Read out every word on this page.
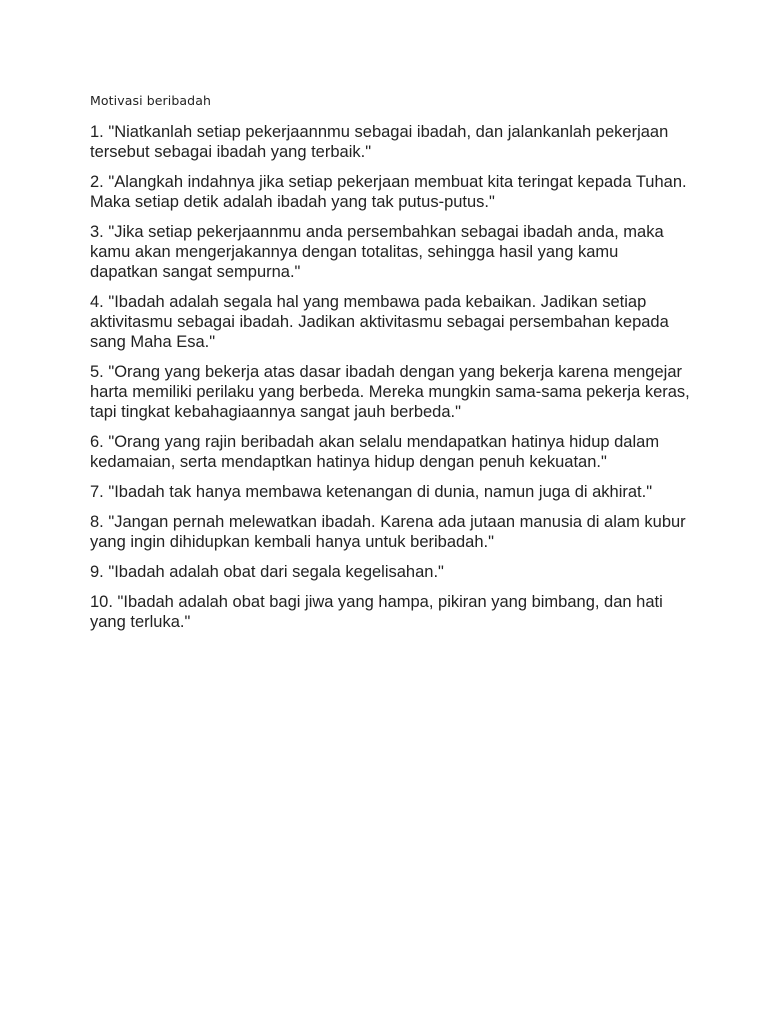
Motivasi beribadah
1. "Niatkanlah setiap pekerjaannmu sebagai ibadah, dan jalankanlah pekerjaan tersebut sebagai ibadah yang terbaik."
2. "Alangkah indahnya jika setiap pekerjaan membuat kita teringat kepada Tuhan. Maka setiap detik adalah ibadah yang tak putus-putus."
3. "Jika setiap pekerjaannmu anda persembahkan sebagai ibadah anda, maka kamu akan mengerjakannya dengan totalitas, sehingga hasil yang kamu dapatkan sangat sempurna."
4. "Ibadah adalah segala hal yang membawa pada kebaikan. Jadikan setiap aktivitasmu sebagai ibadah. Jadikan aktivitasmu sebagai persembahan kepada sang Maha Esa."
5. "Orang yang bekerja atas dasar ibadah dengan yang bekerja karena mengejar harta memiliki perilaku yang berbeda. Mereka mungkin sama-sama pekerja keras, tapi tingkat kebahagiaannya sangat jauh berbeda."
6. "Orang yang rajin beribadah akan selalu mendapatkan hatinya hidup dalam kedamaian, serta mendaptkan hatinya hidup dengan penuh kekuatan."
7. "Ibadah tak hanya membawa ketenangan di dunia, namun juga di akhirat."
8. "Jangan pernah melewatkan ibadah. Karena ada jutaan manusia di alam kubur yang ingin dihidupkan kembali hanya untuk beribadah."
9. "Ibadah adalah obat dari segala kegelisahan."
10. "Ibadah adalah obat bagi jiwa yang hampa, pikiran yang bimbang, dan hati yang terluka."
